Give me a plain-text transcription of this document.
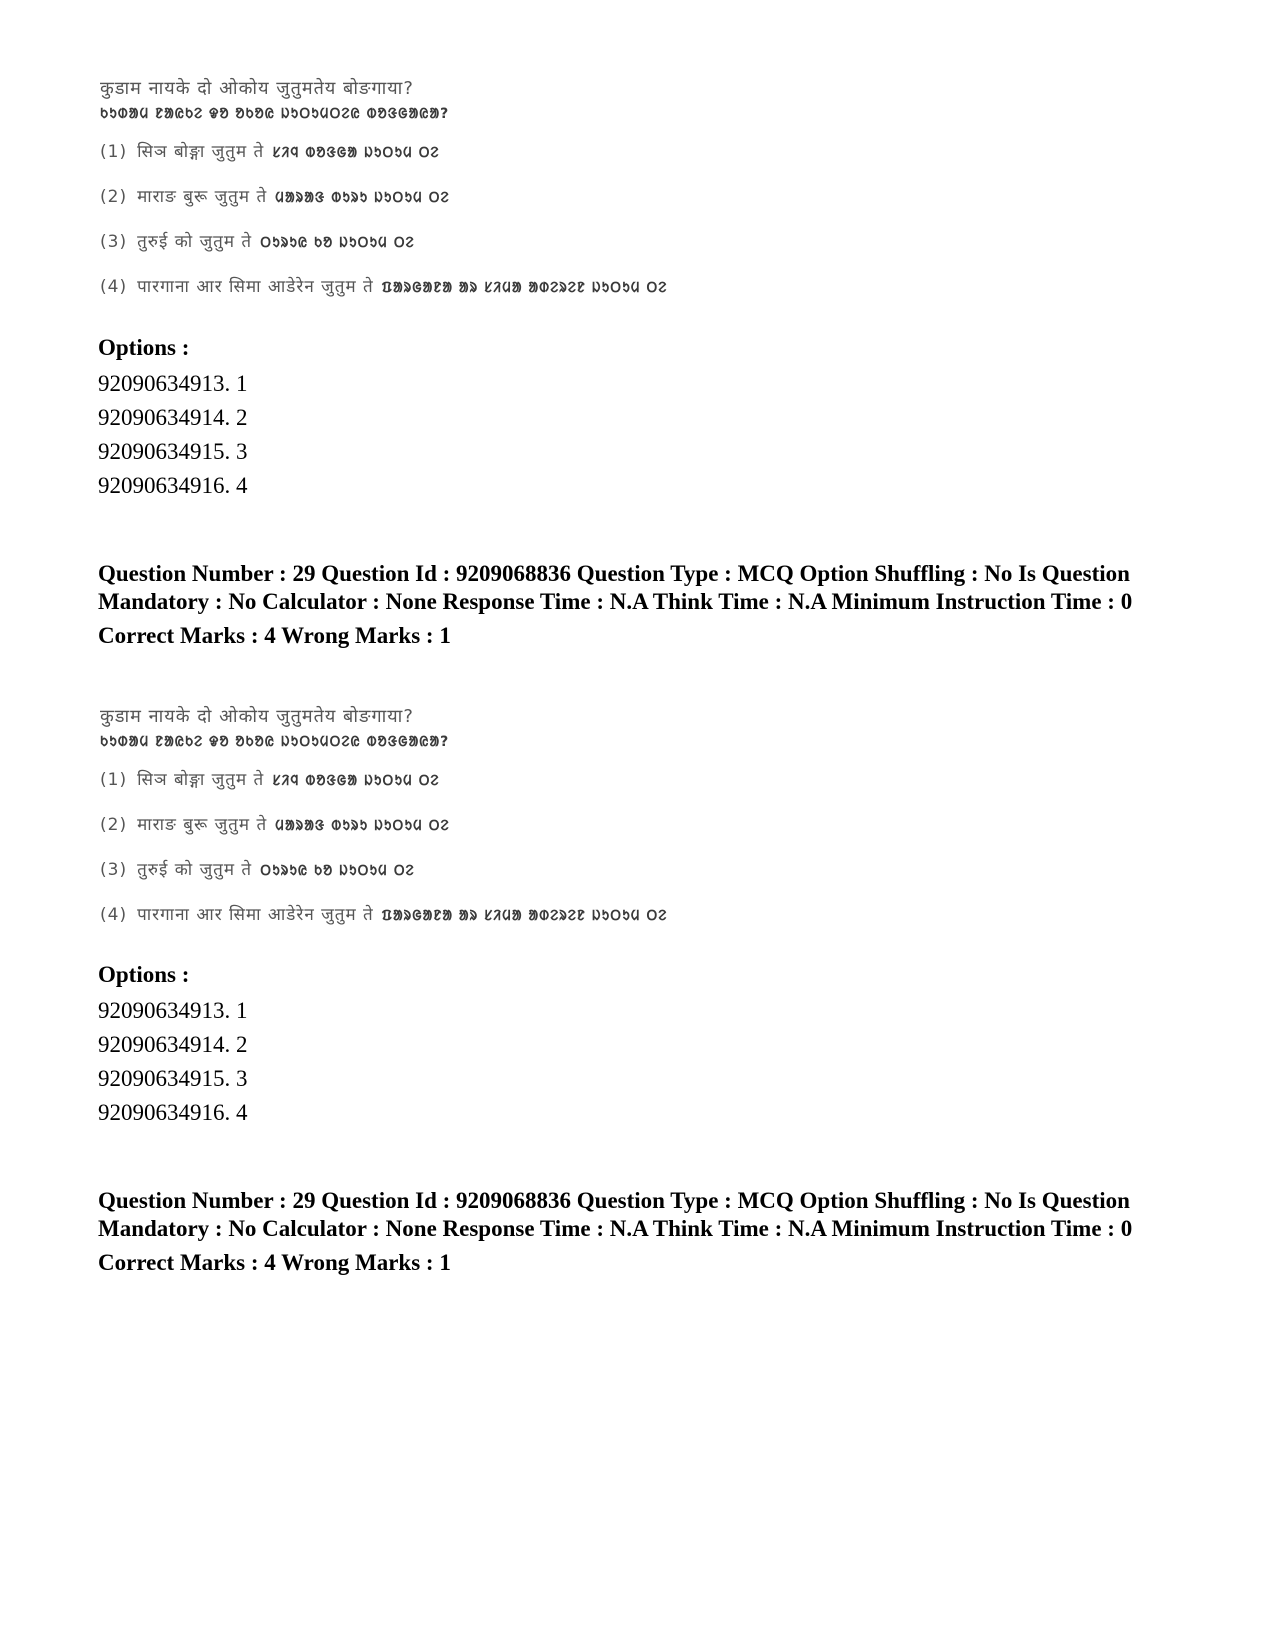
कुडाम नायके दो ओकोय जुतुमतेय बोङगाया?
ᱠᱩᱰᱟᱢ ᱱᱟᱭᱠᱮ ᱫᱚ ᱚᱠᱚᱭ ᱡᱩᱛᱩᱢᱛᱮᱭ ᱵᱚᱝᱜᱟᱭᱟ?
(1) सिञ बोङ्गा जुतुम ते ᱥᱤᱧ ᱵᱚᱝᱜᱟ ᱡᱩᱛᱩᱢ ᱛᱮ
(2) माराङ बुरू जुतुम ते ᱢᱟᱨᱟᱝ ᱵᱩᱨᱩ ᱡᱩᱛᱩᱢ ᱛᱮ
(3) तुरुई को जुतुम ते ᱛᱩᱨᱩᱭ ᱠᱚ ᱡᱩᱛᱩᱢ ᱛᱮ
(4) पारगाना आर सिमा आडेरेन जुतुम ते ᱯᱟᱨᱜᱟᱱᱟ ᱟᱨ ᱥᱤᱢᱟ ᱟᱰᱮᱨᱮᱱ ᱡᱩᱛᱩᱢ ᱛᱮ
Options :
92090634913. 1
92090634914. 2
92090634915. 3
92090634916. 4
Question Number : 29 Question Id : 9209068836 Question Type : MCQ Option Shuffling : No Is Question Mandatory : No Calculator : None Response Time : N.A Think Time : N.A Minimum Instruction Time : 0
Correct Marks : 4 Wrong Marks : 1
कुडाम नायके दो ओकोय जुतुमतेय बोङगाया?
ᱠᱩᱰᱟᱢ ᱱᱟᱭᱠᱮ ᱫᱚ ᱚᱠᱚᱭ ᱡᱩᱛᱩᱢᱛᱮᱭ ᱵᱚᱝᱜᱟᱭᱟ?
(1) सिञ बोङ्गा जुतुम ते ᱥᱤᱧ ᱵᱚᱝᱜᱟ ᱡᱩᱛᱩᱢ ᱛᱮ
(2) माराङ बुरू जुतुम ते ᱢᱟᱨᱟᱝ ᱵᱩᱨᱩ ᱡᱩᱛᱩᱢ ᱛᱮ
(3) तुरुई को जुतुम ते ᱛᱩᱨᱩᱭ ᱠᱚ ᱡᱩᱛᱩᱢ ᱛᱮ
(4) पारगाना आर सिमा आडेरेन जुतुम ते ᱯᱟᱨᱜᱟᱱᱟ ᱟᱨ ᱥᱤᱢᱟ ᱟᱰᱮᱨᱮᱱ ᱡᱩᱛᱩᱢ ᱛᱮ
Options :
92090634913. 1
92090634914. 2
92090634915. 3
92090634916. 4
Question Number : 29 Question Id : 9209068836 Question Type : MCQ Option Shuffling : No Is Question Mandatory : No Calculator : None Response Time : N.A Think Time : N.A Minimum Instruction Time : 0
Correct Marks : 4 Wrong Marks : 1
